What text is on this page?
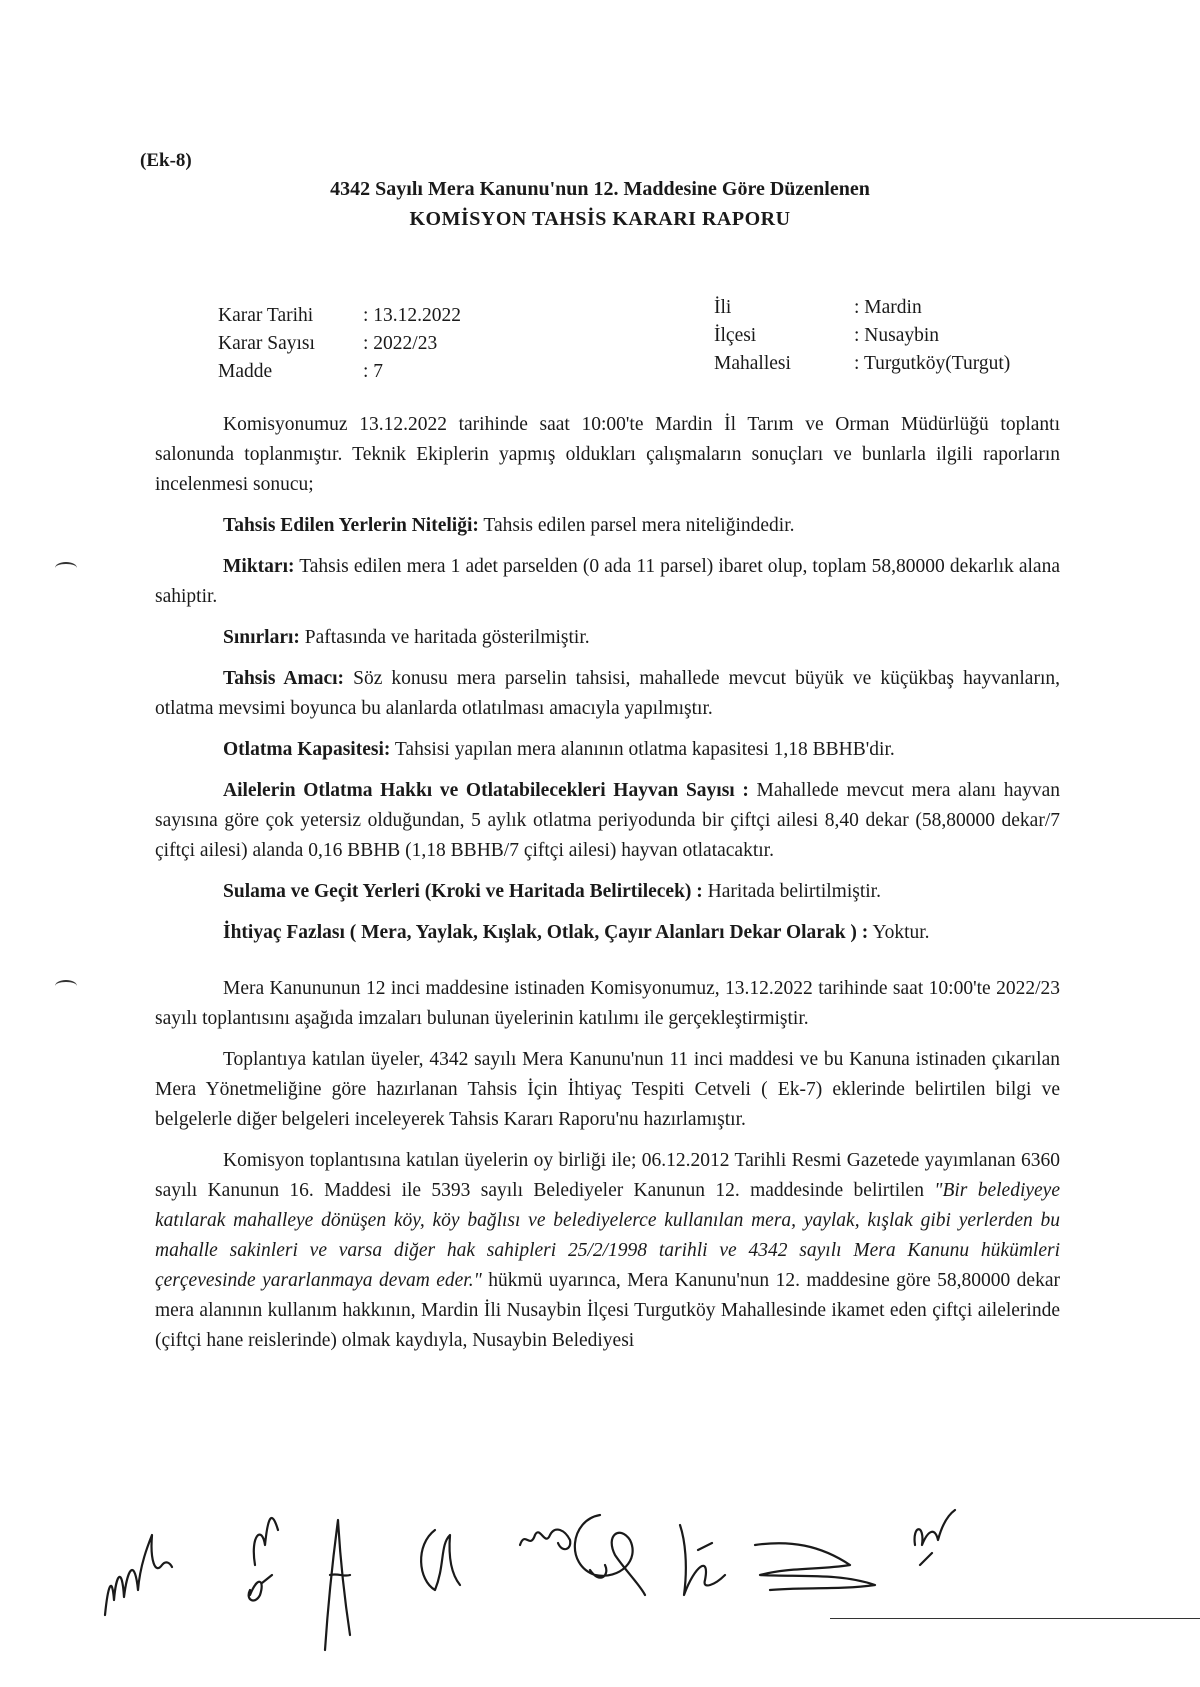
(Ek-8)
4342 Sayılı Mera Kanunu'nun 12. Maddesine Göre Düzenlenen
KOMİSYON TAHSİS KARARI RAPORU
Karar Tarihi	: 13.12.2022
Karar Sayısı	: 2022/23
Madde	: 7
İli	: Mardin
İlçesi	: Nusaybin
Mahallesi	: Turgutköy(Turgut)

Komisyonumuz 13.12.2022 tarihinde saat 10:00'te Mardin İl Tarım ve Orman Müdürlüğü toplantı salonunda toplanmıştır. Teknik Ekiplerin yapmış oldukları çalışmaların sonuçları ve bunlarla ilgili raporların incelenmesi sonucu;

Tahsis Edilen Yerlerin Niteliği: Tahsis edilen parsel mera niteliğindedir.

Miktarı: Tahsis edilen mera 1 adet parselden (0 ada 11 parsel) ibaret olup, toplam 58,80000 dekarlık alana sahiptir.

Sınırları: Paftasında ve haritada gösterilmiştir.

Tahsis Amacı: Söz konusu mera parselin tahsisi, mahallede mevcut büyük ve küçükbaş hayvanların, otlatma mevsimi boyunca bu alanlarda otlatılması amacıyla yapılmıştır.

Otlatma Kapasitesi: Tahsisi yapılan mera alanının otlatma kapasitesi 1,18 BBHB'dir.

Ailelerin Otlatma Hakkı ve Otlatabilecekleri Hayvan Sayısı : Mahallede mevcut mera alanı hayvan sayısına göre çok yetersiz olduğundan, 5 aylık otlatma periyodunda bir çiftçi ailesi 8,40 dekar (58,80000 dekar/7 çiftçi ailesi) alanda 0,16 BBHB (1,18 BBHB/7 çiftçi ailesi) hayvan otlatacaktır.

Sulama ve Geçit Yerleri (Kroki ve Haritada Belirtilecek) : Haritada belirtilmiştir.

İhtiyaç Fazlası ( Mera, Yaylak, Kışlak, Otlak, Çayır Alanları Dekar Olarak ) : Yoktur.

Mera Kanununun 12 inci maddesine istinaden Komisyonumuz, 13.12.2022 tarihinde saat 10:00'te 2022/23 sayılı toplantısını aşağıda imzaları bulunan üyelerinin katılımı ile gerçekleştirmiştir.

Toplantıya katılan üyeler, 4342 sayılı Mera Kanunu'nun 11 inci maddesi ve bu Kanuna istinaden çıkarılan Mera Yönetmeliğine göre hazırlanan Tahsis İçin İhtiyaç Tespiti Cetveli ( Ek-7) eklerinde belirtilen bilgi ve belgelerle diğer belgeleri inceleyerek Tahsis Kararı Raporu'nu hazırlamıştır.

Komisyon toplantısına katılan üyelerin oy birliği ile; 06.12.2012 Tarihli Resmi Gazetede yayımlanan 6360 sayılı Kanunun 16. Maddesi ile 5393 sayılı Belediyeler Kanunun 12. maddesinde belirtilen "Bir belediyeye katılarak mahalleye dönüşen köy, köy bağlısı ve belediyelerce kullanılan mera, yaylak, kışlak gibi yerlerden bu mahalle sakinleri ve varsa diğer hak sahipleri 25/2/1998 tarihli ve 4342 sayılı Mera Kanunu hükümleri çerçevesinde yararlanmaya devam eder." hükmü uyarınca, Mera Kanunu'nun 12. maddesine göre 58,80000 dekar mera alanının kullanım hakkının, Mardin İli Nusaybin İlçesi Turgutköy Mahallesinde ikamet eden çiftçi ailelerinde (çiftçi hane reislerinde) olmak kaydıyla, Nusaybin Belediyesi
